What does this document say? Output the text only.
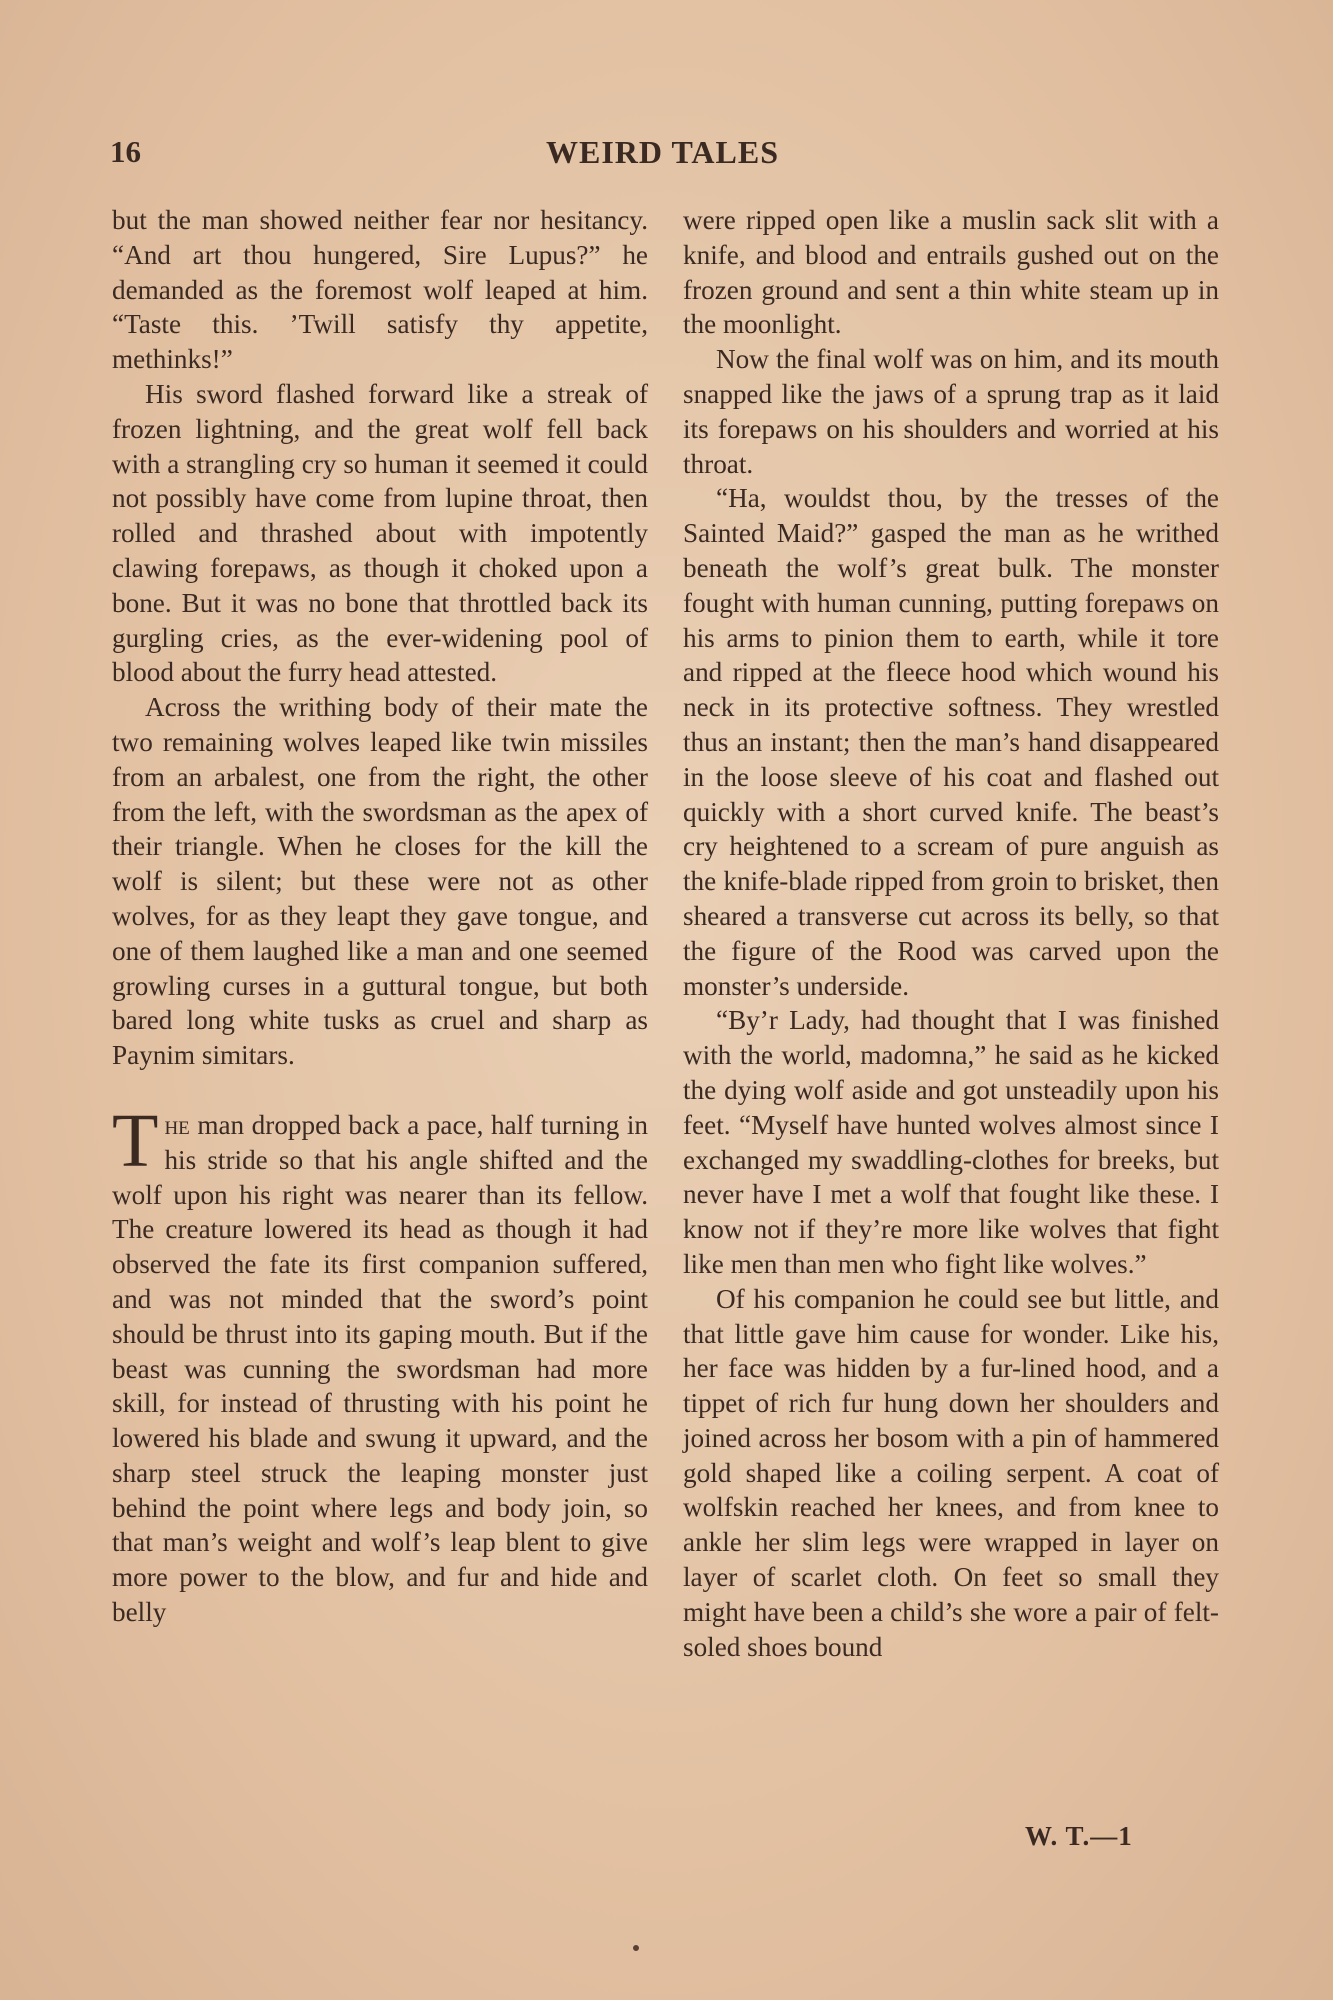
16	WEIRD TALES

but the man showed neither fear nor hesitancy. “And art thou hungered, Sire Lupus?” he demanded as the foremost wolf leaped at him. “Taste this. ’Twill satisfy thy appetite, methinks!”

His sword flashed forward like a streak of frozen lightning, and the great wolf fell back with a strangling cry so human it seemed it could not possibly have come from lupine throat, then rolled and thrashed about with impotently clawing forepaws, as though it choked upon a bone. But it was no bone that throttled back its gurgling cries, as the ever-widening pool of blood about the furry head attested.

Across the writhing body of their mate the two remaining wolves leaped like twin missiles from an arbalest, one from the right, the other from the left, with the swordsman as the apex of their triangle. When he closes for the kill the wolf is silent; but these were not as other wolves, for as they leapt they gave tongue, and one of them laughed like a man and one seemed growling curses in a guttural tongue, but both bared long white tusks as cruel and sharp as Paynim simitars.

The man dropped back a pace, half turning in his stride so that his angle shifted and the wolf upon his right was nearer than its fellow. The creature lowered its head as though it had observed the fate its first companion suffered, and was not minded that the sword’s point should be thrust into its gaping mouth. But if the beast was cunning the swordsman had more skill, for instead of thrusting with his point he lowered his blade and swung it upward, and the sharp steel struck the leaping monster just behind the point where legs and body join, so that man’s weight and wolf’s leap blent to give more power to the blow, and fur and hide and belly

were ripped open like a muslin sack slit with a knife, and blood and entrails gushed out on the frozen ground and sent a thin white steam up in the moonlight.

Now the final wolf was on him, and its mouth snapped like the jaws of a sprung trap as it laid its forepaws on his shoulders and worried at his throat.

“Ha, wouldst thou, by the tresses of the Sainted Maid?” gasped the man as he writhed beneath the wolf’s great bulk. The monster fought with human cunning, putting forepaws on his arms to pinion them to earth, while it tore and ripped at the fleece hood which wound his neck in its protective softness. They wrestled thus an instant; then the man’s hand disappeared in the loose sleeve of his coat and flashed out quickly with a short curved knife. The beast’s cry heightened to a scream of pure anguish as the knife-blade ripped from groin to brisket, then sheared a transverse cut across its belly, so that the figure of the Rood was carved upon the monster’s underside.

“By’r Lady, had thought that I was finished with the world, madomna,” he said as he kicked the dying wolf aside and got unsteadily upon his feet. “Myself have hunted wolves almost since I exchanged my swaddling-clothes for breeks, but never have I met a wolf that fought like these. I know not if they’re more like wolves that fight like men than men who fight like wolves.”

Of his companion he could see but little, and that little gave him cause for wonder. Like his, her face was hidden by a fur-lined hood, and a tippet of rich fur hung down her shoulders and joined across her bosom with a pin of hammered gold shaped like a coiling serpent. A coat of wolfskin reached her knees, and from knee to ankle her slim legs were wrapped in layer on layer of scarlet cloth. On feet so small they might have been a child’s she wore a pair of felt-soled shoes bound

W. T.—1
